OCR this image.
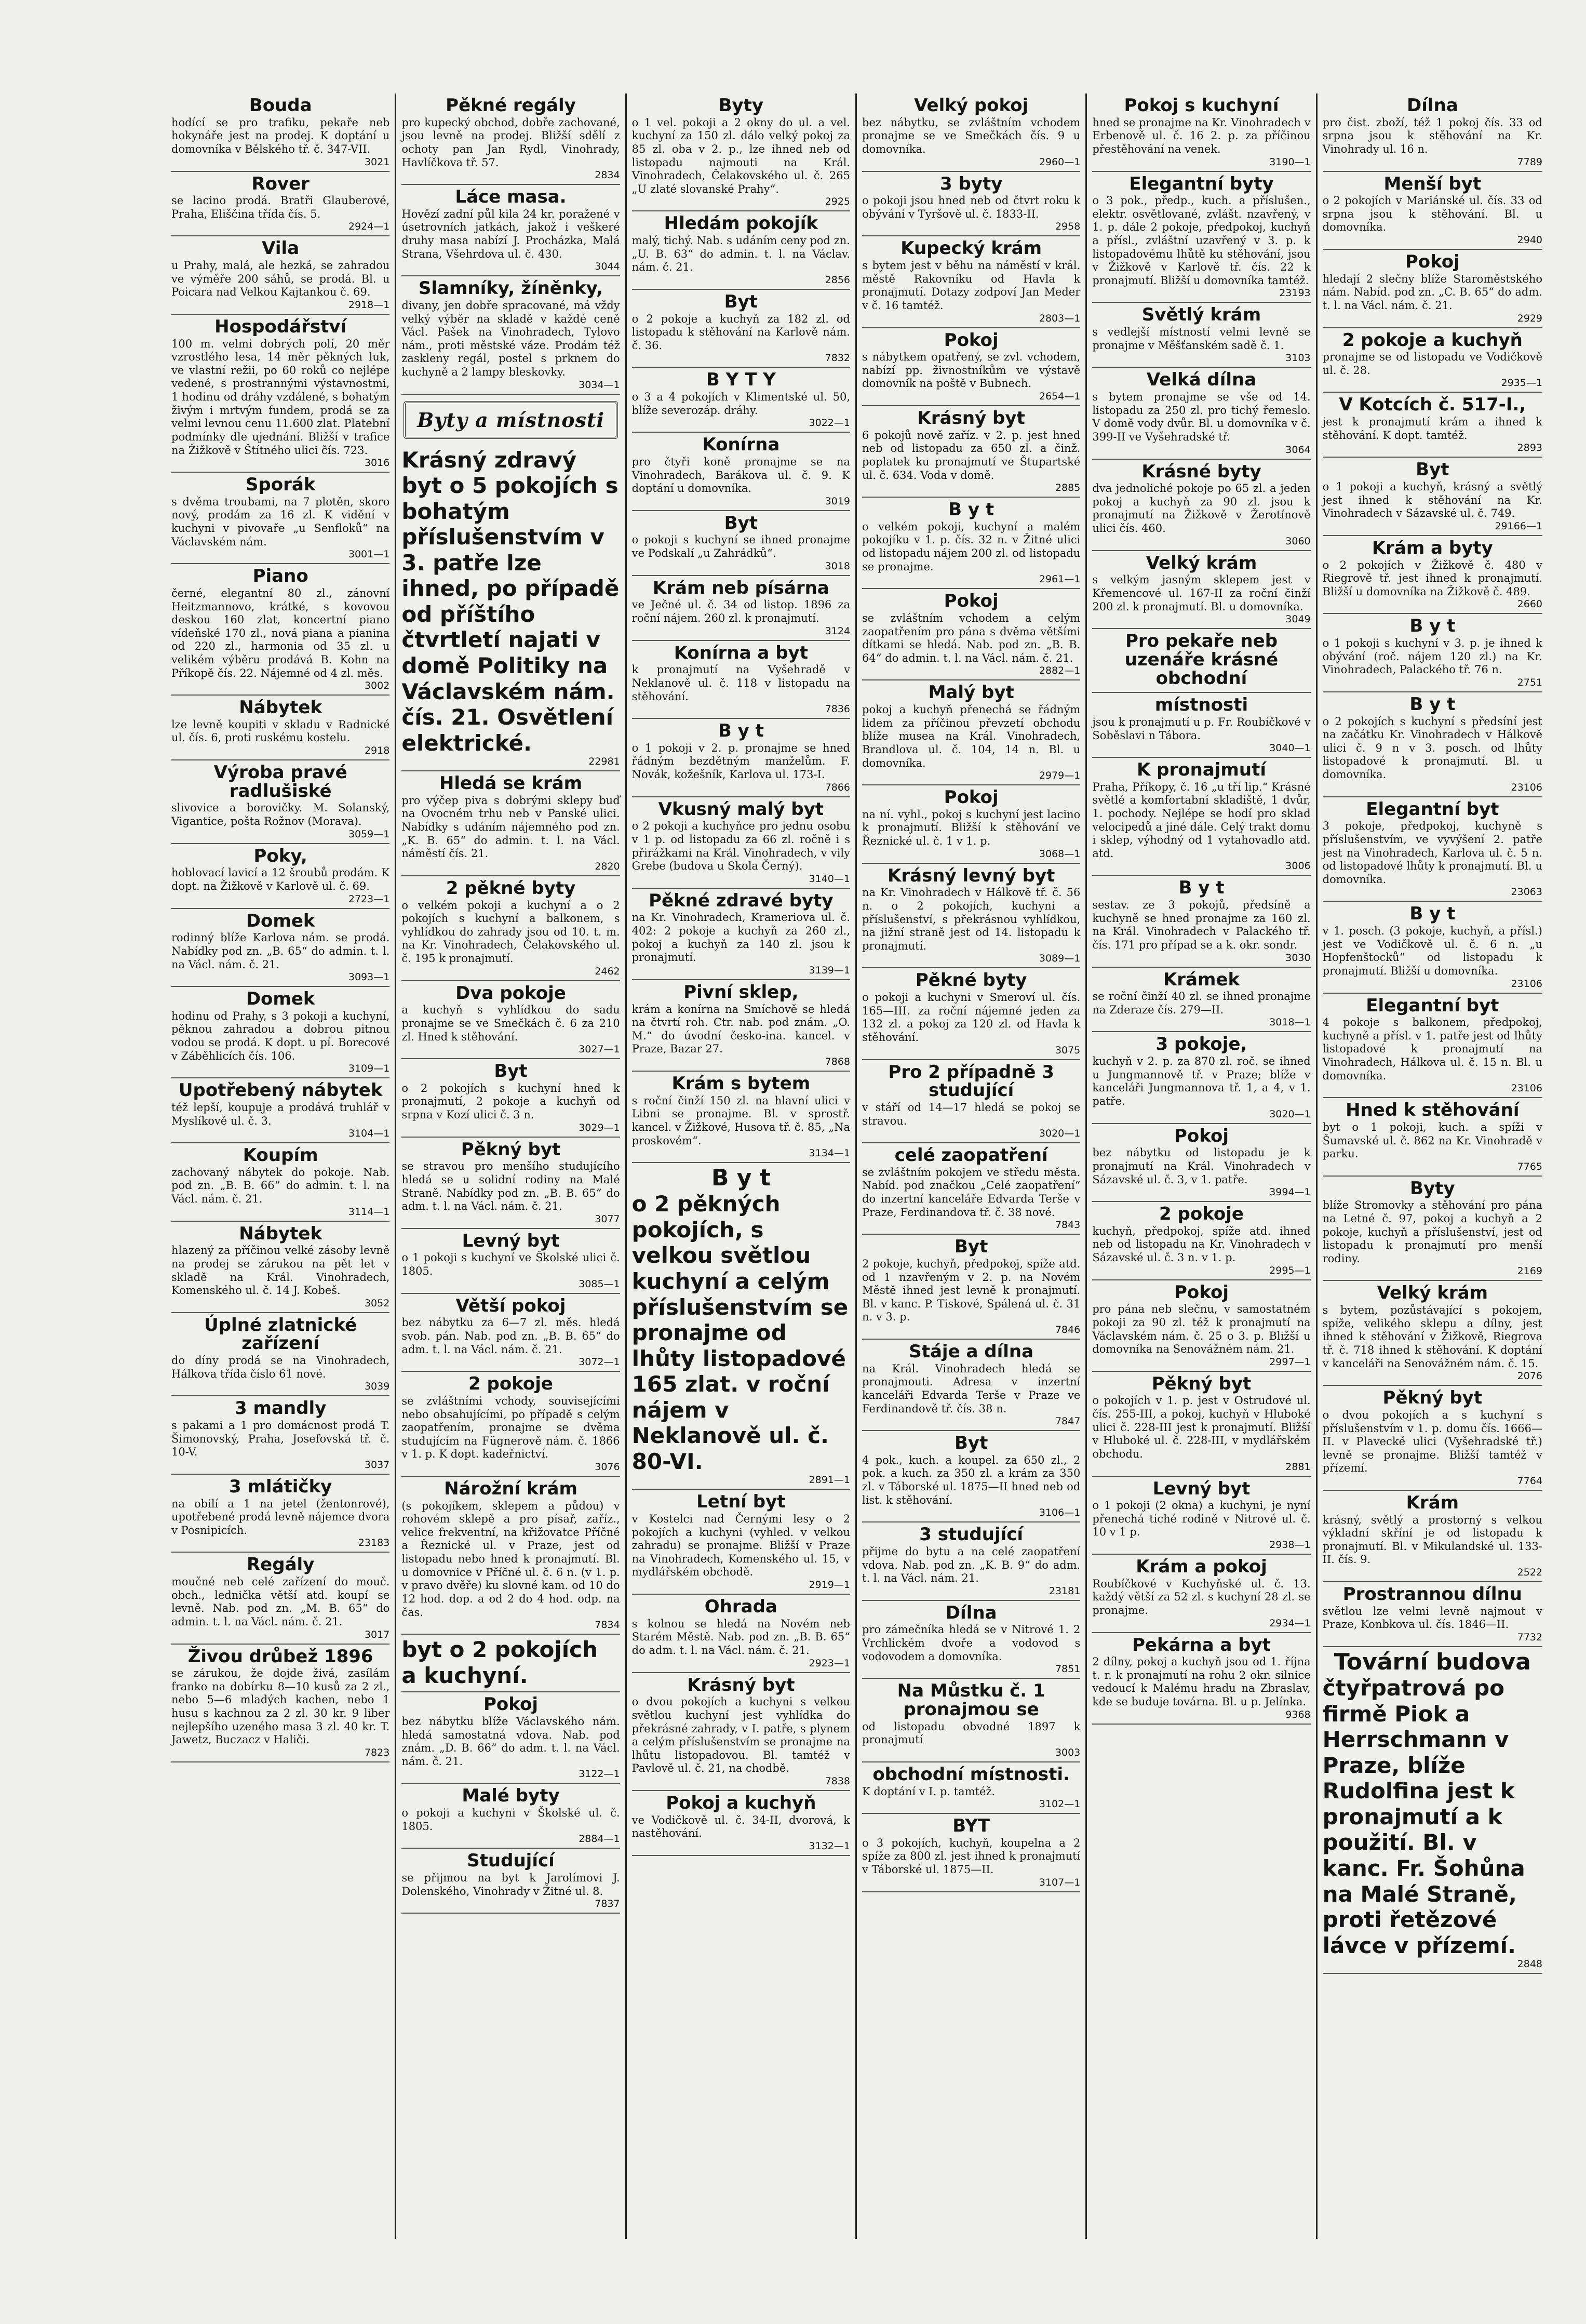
Bouda
hodící se pro trafiku, pekaře neb hokynáře jest na prodej. K doptání u domovníka v Bělského tř. č. 347-VII.
3021
Rover
se lacino prodá. Bratři Glauberové, Praha, Eliščina třída čís. 5.
2924—1
Vila
u Prahy, malá, ale hezká, se zahradou ve výměře 200 sáhů, se prodá. Bl. u Poicara nad Velkou Kajtankou č. 69.
2918—1
Hospodářství
100 m. velmi dobrých polí, 20 měr vzrostlého lesa, 14 měr pěkných luk, ve vlastní režii, po 60 roků co nejlépe vedené, s prostrannými výstavnostmi, 1 hodinu od dráhy vzdálené, s bohatým živým i mrtvým fundem, prodá se za velmi levnou cenu 11.600 zlat. Platební podmínky dle ujednání. Bližší v trafice na Žižkově v Štítného ulici čís. 723.
3016
Sporák
s dvěma troubami, na 7 plotěn, skoro nový, prodám za 16 zl. K vidění v kuchyni v pivovaře „u Senfloků“ na Václavském nám.
3001—1
Piano
černé, elegantní 80 zl., zánovní Heitzmannovo, krátké, s kovovou deskou 160 zlat, koncertní piano vídeňské 170 zl., nová piana a pianina od 220 zl., harmonia od 35 zl. u velikém výběru prodává B. Kohn na Příkopě čís. 22. Nájemné od 4 zl. měs.
3002
Nábytek
lze levně koupiti v skladu v Radnické ul. čís. 6, proti ruskému kostelu.
2918
Výroba pravé radlušiské
slivovice a borovičky. M. Solanský, Vigantice, pošta Rožnov (Morava).
3059—1
Poky,
hoblovací lavicí a 12 šroubů prodám. K dopt. na Žižkově v Karlově ul. č. 69.
2723—1
Domek
rodinný blíže Karlova nám. se prodá. Nabídky pod zn. „B. 65“ do admin. t. l. na Václ. nám. č. 21.
3093—1
Domek
hodinu od Prahy, s 3 pokoji a kuchyní, pěknou zahradou a dobrou pitnou vodou se prodá. K dopt. u pí. Borecové v Záběhlicích čís. 106.
3109—1
Upotřebený nábytek
též lepší, koupuje a prodává truhlář v Myslíkově ul. č. 3.
3104—1
Koupím
zachovaný nábytek do pokoje. Nab. pod zn. „B. B. 66“ do admin. t. l. na Václ. nám. č. 21.
3114—1
Nábytek
hlazený za příčinou velké zásoby levně na prodej se zárukou na pět let v skladě na Král. Vinohradech, Komenského ul. č. 14 J. Kobeš.
3052
Úplné zlatnické zařízení
do díny prodá se na Vinohradech, Hálkova třída číslo 61 nové.
3039
3 mandly
s pakami a 1 pro domácnost prodá T. Šimonovský, Praha, Josefovská tř. č. 10-V.
3037
3 mlátičky
na obilí a 1 na jetel (žentonrové), upotřebené prodá levně nájemce dvora v Posnipicích.
23183
Regály
moučné neb celé zařízení do mouč. obch., lednička větší atd. koupí se levně. Nab. pod zn. „M. B. 65“ do admin. t. l. na Václ. nám. č. 21.
3017
Živou drůbež 1896
se zárukou, že dojde živá, zasílám franko na dobírku 8—10 kusů za 2 zl., nebo 5—6 mladých kachen, nebo 1 husu s kachnou za 2 zl. 30 kr. 9 liber nejlepšího uzeného masa 3 zl. 40 kr. T. Jawetz, Buczacz v Haliči.
7823
Pěkné regály
pro kupecký obchod, dobře zachované, jsou levně na prodej. Bližší sdělí z ochoty pan Jan Rydl, Vinohrady, Havlíčkova tř. 57.
2834
Láce masa.
Hovězí zadní půl kila 24 kr. poražené v úsetrovních jatkách, jakož i veškeré druhy masa nabízí J. Procházka, Malá Strana, Všehrdova ul. č. 430.
3044
Slamníky, žíněnky,
divany, jen dobře spracované, má vždy velký výběr na skladě v každé ceně Václ. Pašek na Vinohradech, Tylovo nám., proti městské váze. Prodám též zaskleny regál, postel s prknem do kuchyně a 2 lampy bleskovky.
3034—1
Byty a místnosti
Krásný zdravý byt o 5 pokojích s bohatým příslušenstvím v 3. patře lze ihned, po případě od příštího čtvrtletí najati v domě Politiky na Václavském nám. čís. 21. Osvětlení elektrické.
22981
Hledá se krám
pro výčep piva s dobrými sklepy buď na Ovocném trhu neb v Panské ulici. Nabídky s udáním nájemného pod zn. „K. B. 65“ do admin. t. l. na Václ. náměstí čís. 21.
2820
2 pěkné byty
o velkém pokoji a kuchyní a o 2 pokojích s kuchyní a balkonem, s vyhlídkou do zahrady jsou od 10. t. m. na Kr. Vinohradech, Čelakovského ul. č. 195 k pronajmutí.
2462
Dva pokoje
a kuchyň s vyhlídkou do sadu pronajme se ve Smečkách č. 6 za 210 zl. Hned k stěhování.
3027—1
Byt
o 2 pokojích s kuchyní hned k pronajmutí, 2 pokoje a kuchyň od srpna v Kozí ulici č. 3 n.
3029—1
Pěkný byt
se stravou pro menšího studujícího hledá se u solidní rodiny na Malé Straně. Nabídky pod zn. „B. B. 65“ do adm. t. l. na Václ. nám. č. 21.
3077
Levný byt
o 1 pokoji s kuchyní ve Školské ulici č. 1805.
3085—1
Větší pokoj
bez nábytku za 6—7 zl. měs. hledá svob. pán. Nab. pod zn. „B. B. 65“ do adm. t. l. na Václ. nám. č. 21.
3072—1
2 pokoje
se zvláštními vchody, souvisejícími nebo obsahujícími, po případě s celým zaopatřením, pronajme se dvěma studujícím na Fügnerově nám. č. 1866 v 1. p. K dopt. kadeřnictví.
3076
Nárožní krám
(s pokojíkem, sklepem a půdou) v rohovém sklepě a pro písař, zaříz., velice frekventní, na křižovatce Příčné a Řeznické ul. v Praze, jest od listopadu nebo hned k pronajmutí. Bl. u domovnice v Příčné ul. č. 6 n. (v 1. p. v pravo dvěře) ku slovné kam. od 10 do 12 hod. dop. a od 2 do 4 hod. odp. na čas.
7834
byt o 2 pokojích a kuchyní.
Pokoj
bez nábytku blíže Václavského nám. hledá samostatná vdova. Nab. pod znám. „D. B. 66“ do adm. t. l. na Václ. nám. č. 21.
3122—1
Malé byty
o pokoji a kuchyni v Školské ul. č. 1805.
2884—1
Studující
se přijmou na byt k Jarolímovi J. Dolenského, Vinohrady v Žitné ul. 8.
7837
Byty
o 1 vel. pokoji a 2 okny do ul. a vel. kuchyní za 150 zl. dálo velký pokoj za 85 zl. oba v 2. p., lze ihned neb od listopadu najmouti na Král. Vinohradech, Čelakovského ul. č. 265 „U zlaté slovanské Prahy“.
2925
Hledám pokojík
malý, tichý. Nab. s udáním ceny pod zn. „U. B. 63“ do admin. t. l. na Václav. nám. č. 21.
2856
Byt
o 2 pokoje a kuchyň za 182 zl. od listopadu k stěhování na Karlově nám. č. 36.
7832
B Y T Y
o 3 a 4 pokojích v Klimentské ul. 50, blíže severozáp. dráhy.
3022—1
Konírna
pro čtyři koně pronajme se na Vinohradech, Barákova ul. č. 9. K doptání u domovníka.
3019
Byt
o pokoji s kuchyní se ihned pronajme ve Podskalí „u Zahrádků“.
3018
Krám neb písárna
ve Ječné ul. č. 34 od listop. 1896 za roční nájem. 260 zl. k pronajmutí.
3124
Konírna a byt
k pronajmutí na Vyšehradě v Neklanově ul. č. 118 v listopadu na stěhování.
7836
B y t
o 1 pokoji v 2. p. pronajme se hned řádným bezdětným manželům. F. Novák, kožešník, Karlova ul. 173-I.
7866
Vkusný malý byt
o 2 pokoji a kuchyňce pro jednu osobu v 1 p. od listopadu za 66 zl. ročně i s přirážkami na Král. Vinohradech, v vily Grebe (budova u Skola Černý).
3140—1
Pěkné zdravé byty
na Kr. Vinohradech, Krameriova ul. č. 402: 2 pokoje a kuchyň za 260 zl., pokoj a kuchyň za 140 zl. jsou k pronajmutí.
3139—1
Pivní sklep,
krám a konírna na Smíchově se hledá na čtvrtí roh. Ctr. nab. pod znám. „O. M.“ do úvodní česko-ina. kancel. v Praze, Bazar 27.
7868
Krám s bytem
s roční činží 150 zl. na hlavní ulici v Libni se pronajme. Bl. v sprostř. kancel. v Žižkové, Husova tř. č. 85, „Na proskovém“.
3134—1
B y t
o 2 pěkných pokojích, s velkou světlou kuchyní a celým příslušenstvím se pronajme od lhůty listopadové 165 zlat. v roční nájem v Neklanově ul. č. 80-VI.
2891—1
Letní byt
v Kostelci nad Černými lesy o 2 pokojích a kuchyni (vyhled. v velkou zahradu) se pronajme. Bližší v Praze na Vinohradech, Komenského ul. 15, v mydlářském obchodě.
2919—1
Ohrada
s kolnou se hledá na Novém neb Starém Městě. Nab. pod zn. „B. B. 65“ do adm. t. l. na Václ. nám. č. 21.
2923—1
Krásný byt
o dvou pokojích a kuchyni s velkou světlou kuchyní jest vyhlídka do překrásné zahrady, v I. patře, s plynem a celým příslušenstvím se pronajme na lhůtu listopadovou. Bl. tamtéž v Pavlově ul. č. 21, na chodbě.
7838
Pokoj a kuchyň
ve Vodičkově ul. č. 34-II, dvorová, k nastěhování.
3132—1
Velký pokoj
bez nábytku, se zvláštním vchodem pronajme se ve Smečkách čís. 9 u domovníka.
2960—1
3 byty
o pokoji jsou hned neb od čtvrt roku k obývání v Tyršově ul. č. 1833-II.
2958
Kupecký krám
s bytem jest v běhu na náměstí v král. městě Rakovníku od Havla k pronajmutí. Dotazy zodpoví Jan Meder v č. 16 tamtéž.
2803—1
Pokoj
s nábytkem opatřený, se zvl. vchodem, nabízí pp. živnostníkům ve výstavě domovník na poště v Bubnech.
2654—1
Krásný byt
6 pokojů nově zaříz. v 2. p. jest hned neb od listopadu za 650 zl. a činž. poplatek ku pronajmutí ve Štupartské ul. č. 634. Voda v domě.
2885
B y t
o velkém pokoji, kuchyní a malém pokojíku v 1. p. čís. 32 n. v Žitné ulici od listopadu nájem 200 zl. od listopadu se pronajme.
2961—1
Pokoj
se zvláštním vchodem a celým zaopatřením pro pána s dvěma většími dítkami se hledá. Nab. pod zn. „B. B. 64“ do admin. t. l. na Václ. nám. č. 21.
2882—1
Malý byt
pokoj a kuchyň přenechá se řádným lidem za příčinou převzetí obchodu blíže musea na Král. Vinohradech, Brandlova ul. č. 104, 14 n. Bl. u domovníka.
2979—1
Pokoj
na ní. vyhl., pokoj s kuchyní jest lacino k pronajmutí. Bližší k stěhování ve Řeznické ul. č. 1 v 1. p.
3068—1
Krásný levný byt
na Kr. Vinohradech v Hálkově tř. č. 56 n. o 2 pokojích, kuchyni a příslušenství, s překrásnou vyhlídkou, na jižní straně jest od 14. listopadu k pronajmutí.
3089—1
Pěkné byty
o pokoji a kuchyni v Smeroví ul. čís. 165—III. za roční nájemné jeden za 132 zl. a pokoj za 120 zl. od Havla k stěhování.
3075
Pro 2 případně 3 studující
v stáří od 14—17 hledá se pokoj se stravou.
3020—1
celé zaopatření
se zvláštním pokojem ve středu města. Nabíd. pod značkou „Celé zaopatření“ do inzertní kanceláře Edvarda Terše v Praze, Ferdinandova tř. č. 38 nové.
7843
Byt
2 pokoje, kuchyň, předpokoj, spíže atd. od 1 nzavřeným v 2. p. na Novém Městě ihned jest levně k pronajmutí. Bl. v kanc. P. Tiskové, Spálená ul. č. 31 n. v 3. p.
7846
Stáje a dílna
na Král. Vinohradech hledá se pronajmouti. Adresa v inzertní kanceláři Edvarda Terše v Praze ve Ferdinandově tř. čís. 38 n.
7847
Byt
4 pok., kuch. a koupel. za 650 zl., 2 pok. a kuch. za 350 zl. a krám za 350 zl. v Táborské ul. 1875—II hned neb od list. k stěhování.
3106—1
3 studující
přijme do bytu a na celé zaopatření vdova. Nab. pod zn. „K. B. 9“ do adm. t. l. na Václ. nám. 21.
23181
Dílna
pro zámečníka hledá se v Nitrové 1. 2 Vrchlickém dvoře a vodovod s vodovodem a domovníka.
7851
Na Můstku č. 1 pronajmou se
od listopadu obvodné 1897 k pronajmutí
3003
obchodní místnosti.
K doptání v I. p. tamtéž.
3102—1
BYT
o 3 pokojích, kuchyň, koupelna a 2 spíže za 800 zl. jest ihned k pronajmutí v Táborské ul. 1875—II.
3107—1
Pokoj s kuchyní
hned se pronajme na Kr. Vinohradech v Erbenově ul. č. 16 2. p. za příčinou přestěhování na venek.
3190—1
Elegantní byty
o 3 pok., předp., kuch. a příslušen., elektr. osvětlované, zvlášt. nzavřený, v 1. p. dále 2 pokoje, předpokoj, kuchyň a přísl., zvláštní uzavřený v 3. p. k listopadovému lhůtě ku stěhování, jsou v Žižkově v Karlově tř. čís. 22 k pronajmutí. Bližší u domovníka tamtéž.
23193
Světlý krám
s vedlejší místností velmi levně se pronajme v Měšťanském sadě č. 1.
3103
Velká dílna
s bytem pronajme se vše od 14. listopadu za 250 zl. pro tichý řemeslo. V domě vody dvůr. Bl. u domovníka v č. 399-II ve Vyšehradské tř.
3064
Krásné byty
dva jednoliché pokoje po 65 zl. a jeden pokoj a kuchyň za 90 zl. jsou k pronajmutí na Žižkově v Žerotínově ulici čís. 460.
3060
Velký krám
s velkým jasným sklepem jest v Křemencové ul. 167-II za roční činží 200 zl. k pronajmutí. Bl. u domovníka.
3049
Pro pekaře neb uzenáře krásné obchodní
místnosti
jsou k pronajmutí u p. Fr. Roubíčkové v Soběslavi n Tábora.
3040—1
K pronajmutí
Praha, Příkopy, č. 16 „u tří lip.“ Krásné světlé a komfortabní skladiště, 1 dvůr, 1. pochody. Nejlépe se hodí pro sklad velocipedů a jiné dále. Celý trakt domu i sklep, výhodný od 1 vytahovadlo atd. atd.
3006
B y t
sestav. ze 3 pokojů, předsíně a kuchyně se hned pronajme za 160 zl. na Král. Vinohradech v Palackého tř. čís. 171 pro případ se a k. okr. sondr.
3030
Krámek
se roční činží 40 zl. se ihned pronajme na Zderaze čís. 279—II.
3018—1
3 pokoje,
kuchyň v 2. p. za 870 zl. roč. se ihned u Jungmannově tř. v Praze; blíže v kanceláři Jungmannova tř. 1, a 4, v 1. patře.
3020—1
Pokoj
bez nábytku od listopadu je k pronajmutí na Král. Vinohradech v Sázavské ul. č. 3, v 1. patře.
3994—1
2 pokoje
kuchyň, předpokoj, spíže atd. ihned neb od listopadu na Kr. Vinohradech v Sázavské ul. č. 3 n. v 1. p.
2995—1
Pokoj
pro pána neb slečnu, v samostatném pokoji za 90 zl. též k pronajmutí na Václavském nám. č. 25 o 3. p. Bližší u domovníka na Senovážném nám. 21.
2997—1
Pěkný byt
o pokojích v 1. p. jest v Ostrudové ul. čís. 255-III, a pokoj, kuchyň v Hluboké ulici č. 228-III jest k pronajmutí. Bližší v Hluboké ul. č. 228-III, v mydlářském obchodu.
2881
Levný byt
o 1 pokoji (2 okna) a kuchyni, je nyní přenechá tiché rodině v Nitrové ul. č. 10 v 1 p.
2938—1
Krám a pokoj
Roubíčkové v Kuchyňské ul. č. 13. každý větší za 52 zl. s kuchyní 28 zl. se pronajme.
2934—1
Pekárna a byt
2 dílny, pokoj a kuchyň jsou od 1. října t. r. k pronajmutí na rohu 2 okr. silnice vedoucí k Malému hradu na Zbraslav, kde se buduje továrna. Bl. u p. Jelínka.
9368
Dílna
pro čist. zboží, též 1 pokoj čís. 33 od srpna jsou k stěhování na Kr. Vinohrady ul. 16 n.
7789
Menší byt
o 2 pokojích v Mariánské ul. čís. 33 od srpna jsou k stěhování. Bl. u domovníka.
2940
Pokoj
hledají 2 slečny blíže Staroměstského nám. Nabíd. pod zn. „C. B. 65“ do adm. t. l. na Václ. nám. č. 21.
2929
2 pokoje a kuchyň
pronajme se od listopadu ve Vodičkově ul. č. 28.
2935—1
V Kotcích č. 517-I.,
jest k pronajmutí krám a ihned k stěhování. K dopt. tamtéž.
2893
Byt
o 1 pokoji a kuchyň, krásný a světlý jest ihned k stěhování na Kr. Vinohradech v Sázavské ul. č. 749.
29166—1
Krám a byty
o 2 pokojích v Žižkově č. 480 v Riegrově tř. jest ihned k pronajmutí. Bližší u domovníka na Žižkově č. 489.
2660
B y t
o 1 pokoji s kuchyní v 3. p. je ihned k obývání (roč. nájem 120 zl.) na Kr. Vinohradech, Palackého tř. 76 n.
2751
B y t
o 2 pokojích s kuchyní s předsíní jest na začátku Kr. Vinohradech v Hálkově ulici č. 9 n v 3. posch. od lhůty listopadové k pronajmutí. Bl. u domovníka.
23106
Elegantní byt
3 pokoje, předpokoj, kuchyně s příslušenstvím, ve vyvýšení 2. patře jest na Vinohradech, Karlova ul. č. 5 n. od listopadové lhůty k pronajmutí. Bl. u domovníka.
23063
B y t
v 1. posch. (3 pokoje, kuchyň, a přísl.) jest ve Vodičkově ul. č. 6 n. „u Hopfenštocků“ od listopadu k pronajmutí. Bližší u domovníka.
23106
Elegantní byt
4 pokoje s balkonem, předpokoj, kuchyně a přísl. v 1. patře jest od lhůty listopadové k pronajmutí na Vinohradech, Hálkova ul. č. 15 n. Bl. u domovníka.
23106
Hned k stěhování
byt o 1 pokoji, kuch. a spíži v Šumavské ul. č. 862 na Kr. Vinohradě v parku.
7765
Byty
blíže Stromovky a stěhování pro pána na Letné č. 97, pokoj a kuchyň a 2 pokoje, kuchyň a příslušenství, jest od listopadu k pronajmutí pro menší rodiny.
2169
Velký krám
s bytem, pozůstávající s pokojem, spíže, velikého sklepu a dílny, jest ihned k stěhování v Žižkově, Riegrova tř. č. 718 ihned k stěhování. K doptání v kanceláři na Senovážném nám. č. 15.
2076
Pěkný byt
o dvou pokojích a s kuchyní s příslušenstvím v 1. p. domu čís. 1666—II. v Plavecké ulici (Vyšehradské tř.) levně se pronajme. Bližší tamtéž v přízemí.
7764
Krám
krásný, světlý a prostorný s velkou výkladní skříní je od listopadu k pronajmutí. Bl. v Mikulandské ul. 133-II. čís. 9.
2522
Prostrannou dílnu
světlou lze velmi levně najmout v Praze, Konbkova ul. čís. 1846—II.
7732
Tovární budova
čtyřpatrová po firmě Piok a Herrschmann v Praze, blíže Rudolfina jest k pronajmutí a k použití. Bl. v kanc. Fr. Šohůna na Malé Straně, proti řetězové lávce v přízemí.
2848
